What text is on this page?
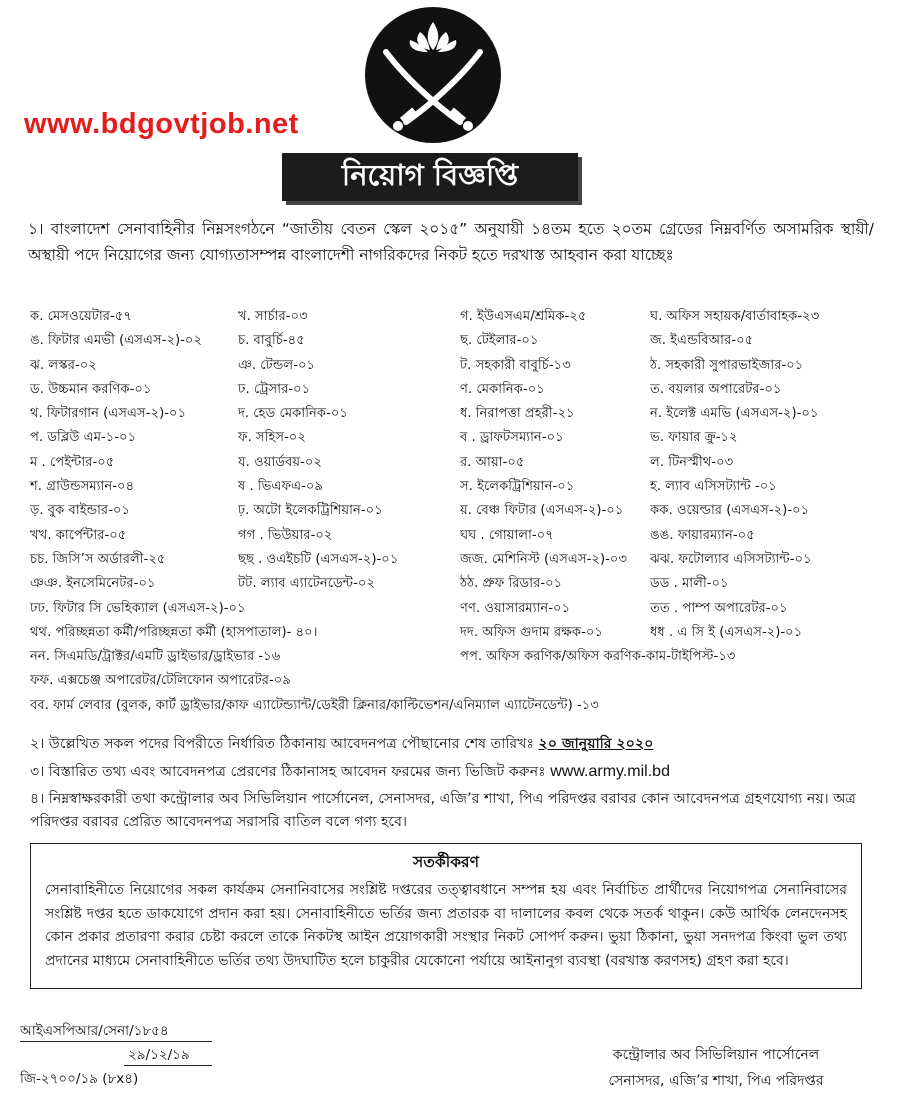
www.bdgovtjob.net
নিয়োগ বিজ্ঞপ্তি
১। বাংলাদেশ সেনাবাহিনীর নিম্নসংগঠনে “জাতীয় বেতন স্কেল ২০১৫” অনুযায়ী ১৪তম হতে ২০তম গ্রেডের নিম্নবর্ণিত অসামরিক স্থায়ী/অস্থায়ী পদে নিয়োগের জন্য যোগ্যতাসম্পন্ন বাংলাদেশী নাগরিকদের নিকট হতে দরখাস্ত আহবান করা যাচ্ছেঃ
ক. মেসওয়েটার-৫৭	খ. সার্চার-০৩	গ. ইউএসএম/শ্রমিক-২৫	ঘ. অফিস সহায়ক/বার্তাবাহক-২৩
ঙ. ফিটার এমভী (এসএস-২)-০২	চ. বাবুর্চি-৪৫	ছ. টেইলার-০১	জ. ইএন্ডবিআর-০৫
ঝ. লস্কর-০২	ঞ. টেন্ডল-০১	ট. সহকারী বাবুর্চি-১৩	ঠ. সহকারী সুপারভাইজার-০১
ড. উচ্চমান করণিক-০১	ঢ. ট্রেসার-০১	ণ. মেকানিক-০১	ত. বয়লার অপারেটর-০১
থ. ফিটারগান (এসএস-২)-০১	দ. হেড মেকানিক-০১	ধ. নিরাপত্তা প্রহরী-২১	ন. ইলেক্ট এমভি (এসএস-২)-০১
প. ডব্লিউ এম-১-০১	ফ. সহিস-০২	ব . ড্রাফটসম্যান-০১	ভ. ফায়ার ক্রু-১২
ম . পেইন্টার-০৫	য. ওয়ার্ডবয়-০২	র. আয়া-০৫	ল. টিনস্মীথ-০৩
শ. গ্রাউন্ডসম্যান-০৪	ষ . ভিএফএ-০৯	স. ইলেকট্রিশিয়ান-০১	হ. ল্যাব এসিসট্যান্ট -০১
ড়. বুক বাইন্ডার-০১	ঢ়. অটো ইলেকট্রিশিয়ান-০১	য়. বেঞ্চ ফিটার (এসএস-২)-০১ কক. ওয়েল্ডার (এসএস-২)-০১
খখ. কার্পেন্টার-০৫	গগ . ভিউয়ার-০২	ঘঘ . গোয়ালা-০৭	ঙঙ. ফায়ারম্যান-০৫
চচ. জিসি’স অর্ডারলী-২৫	ছছ . ওএইচটি (এসএস-২)-০১	জজ. মেশিনিস্ট (এসএস-২)-০৩ ঝঝ. ফটোল্যাব এসিসট্যান্ট-০১
ঞঞ. ইনসেমিনেটর-০১	টট. ল্যাব এ্যাটেনডেন্ট-০২	ঠঠ. প্রুফ রিডার-০১	ডড . মালী-০১
ঢঢ. ফিটার সি ভেহিক্যাল (এসএস-২)-০১	ণণ. ওয়াসারম্যান-০১	তত . পাম্প অপারেটর-০১
থথ. পরিচ্ছন্নতা কর্মী/পরিচ্ছন্নতা কর্মী (হাসপাতাল)- ৪০।	দদ. অফিস গুদাম রক্ষক-০১	ধধ . এ সি ই (এসএস-২)-০১
নন. সিএমডি/ট্রাক্টর/এমটি ড্রাইভার/ড্রাইভার -১৬	পপ. অফিস করণিক/অফিস করণিক-কাম-টাইপিস্ট-১৩
ফফ. এক্সচেঞ্জ অপারেটর/টেলিফোন অপারেটর-০৯
বব. ফার্ম লেবার (বুলক, কার্ট ড্রাইভার/কাফ এ্যাটেন্ড্যান্ট/ডেইরী ক্লিনার/কাল্টিভেশন/এনিম্যাল এ্যাটেনডেন্ট) -১৩
২। উল্লেখিত সকল পদের বিপরীতে নির্ধারিত ঠিকানায় আবেদনপত্র পৌছানোর শেষ তারিখঃ ২০ জানুয়ারি ২০২০
৩। বিস্তারিত তথ্য এবং আবেদনপত্র প্রেরণের ঠিকানাসহ আবেদন ফরমের জন্য ভিজিট করুনঃ www.army.mil.bd
৪। নিম্নস্বাক্ষরকারী তথা কন্ট্রোলার অব সিভিলিয়ান পার্সোনেল, সেনাসদর, এজি’র শাখা, পিএ পরিদপ্তর বরাবর কোন আবেদনপত্র গ্রহণযোগ্য নয়। অত্র পরিদপ্তর বরাবর প্রেরিত আবেদনপত্র সরাসরি বাতিল বলে গণ্য হবে।
সতর্কীকরণ
সেনাবাহিনীতে নিয়োগের সকল কার্যক্রম সেনানিবাসের সংশ্লিষ্ট দপ্তরের তত্ত্বাবধানে সম্পন্ন হয় এবং নির্বাচিত প্রার্থীদের নিয়োগপত্র সেনানিবাসের সংশ্লিষ্ট দপ্তর হতে ডাকযোগে প্রদান করা হয়। সেনাবাহিনীতে ভর্তির জন্য প্রতারক বা দালালের কবল থেকে সতর্ক থাকুন। কেউ আর্থিক লেনদেনসহ কোন প্রকার প্রতারণা করার চেষ্টা করলে তাকে নিকটস্থ আইন প্রয়োগকারী সংস্থার নিকট সোপর্দ করুন। ভুয়া ঠিকানা, ভুয়া সনদপত্র কিংবা ভুল তথ্য প্রদানের মাধ্যমে সেনাবাহিনীতে ভর্তির তথ্য উদঘাটিত হলে চাকুরীর যেকোনো পর্যায়ে আইনানুগ ব্যবস্থা (বরখাস্ত করণসহ) গ্রহণ করা হবে।
আইএসপিআর/সেনা/১৮৫৪
২৯/১২/১৯
জি-২৭০০/১৯ (৮x৪)
কন্ট্রোলার অব সিভিলিয়ান পার্সোনেল
সেনাসদর, এজি’র শাখা, পিএ পরিদপ্তর
